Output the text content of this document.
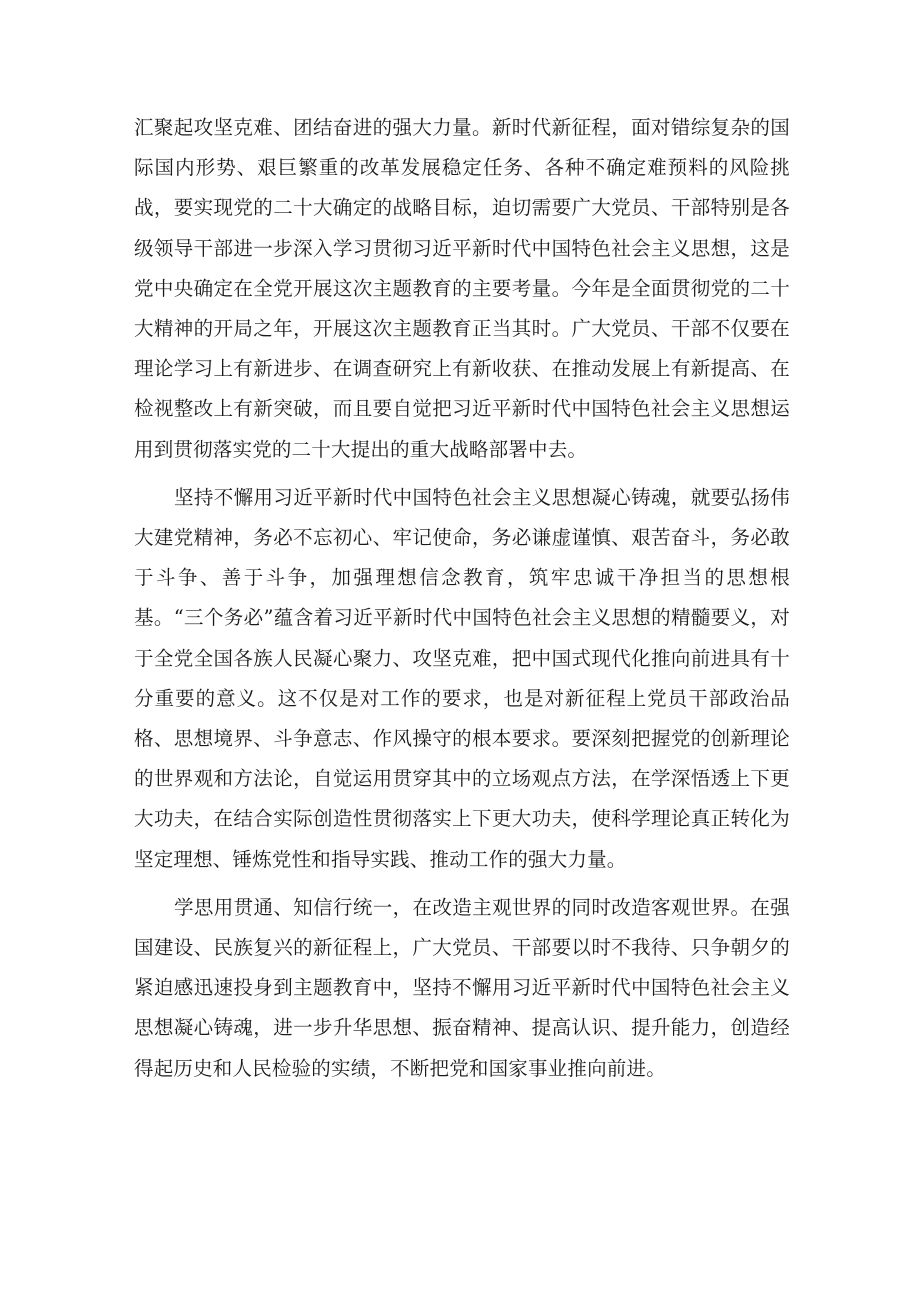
汇聚起攻坚克难、团结奋进的强大力量。新时代新征程，面对错综复杂的国际国内形势、艰巨繁重的改革发展稳定任务、各种不确定难预料的风险挑战，要实现党的二十大确定的战略目标，迫切需要广大党员、干部特别是各级领导干部进一步深入学习贯彻习近平新时代中国特色社会主义思想，这是党中央确定在全党开展这次主题教育的主要考量。今年是全面贯彻党的二十大精神的开局之年，开展这次主题教育正当其时。广大党员、干部不仅要在理论学习上有新进步、在调查研究上有新收获、在推动发展上有新提高、在检视整改上有新突破，而且要自觉把习近平新时代中国特色社会主义思想运用到贯彻落实党的二十大提出的重大战略部署中去。

坚持不懈用习近平新时代中国特色社会主义思想凝心铸魂，就要弘扬伟大建党精神，务必不忘初心、牢记使命，务必谦虚谨慎、艰苦奋斗，务必敢于斗争、善于斗争，加强理想信念教育，筑牢忠诚干净担当的思想根基。“三个务必”蕴含着习近平新时代中国特色社会主义思想的精髓要义，对于全党全国各族人民凝心聚力、攻坚克难，把中国式现代化推向前进具有十分重要的意义。这不仅是对工作的要求，也是对新征程上党员干部政治品格、思想境界、斗争意志、作风操守的根本要求。要深刻把握党的创新理论的世界观和方法论，自觉运用贯穿其中的立场观点方法，在学深悟透上下更大功夫，在结合实际创造性贯彻落实上下更大功夫，使科学理论真正转化为坚定理想、锤炼党性和指导实践、推动工作的强大力量。

学思用贯通、知信行统一，在改造主观世界的同时改造客观世界。在强国建设、民族复兴的新征程上，广大党员、干部要以时不我待、只争朝夕的紧迫感迅速投身到主题教育中，坚持不懈用习近平新时代中国特色社会主义思想凝心铸魂，进一步升华思想、振奋精神、提高认识、提升能力，创造经得起历史和人民检验的实绩，不断把党和国家事业推向前进。
